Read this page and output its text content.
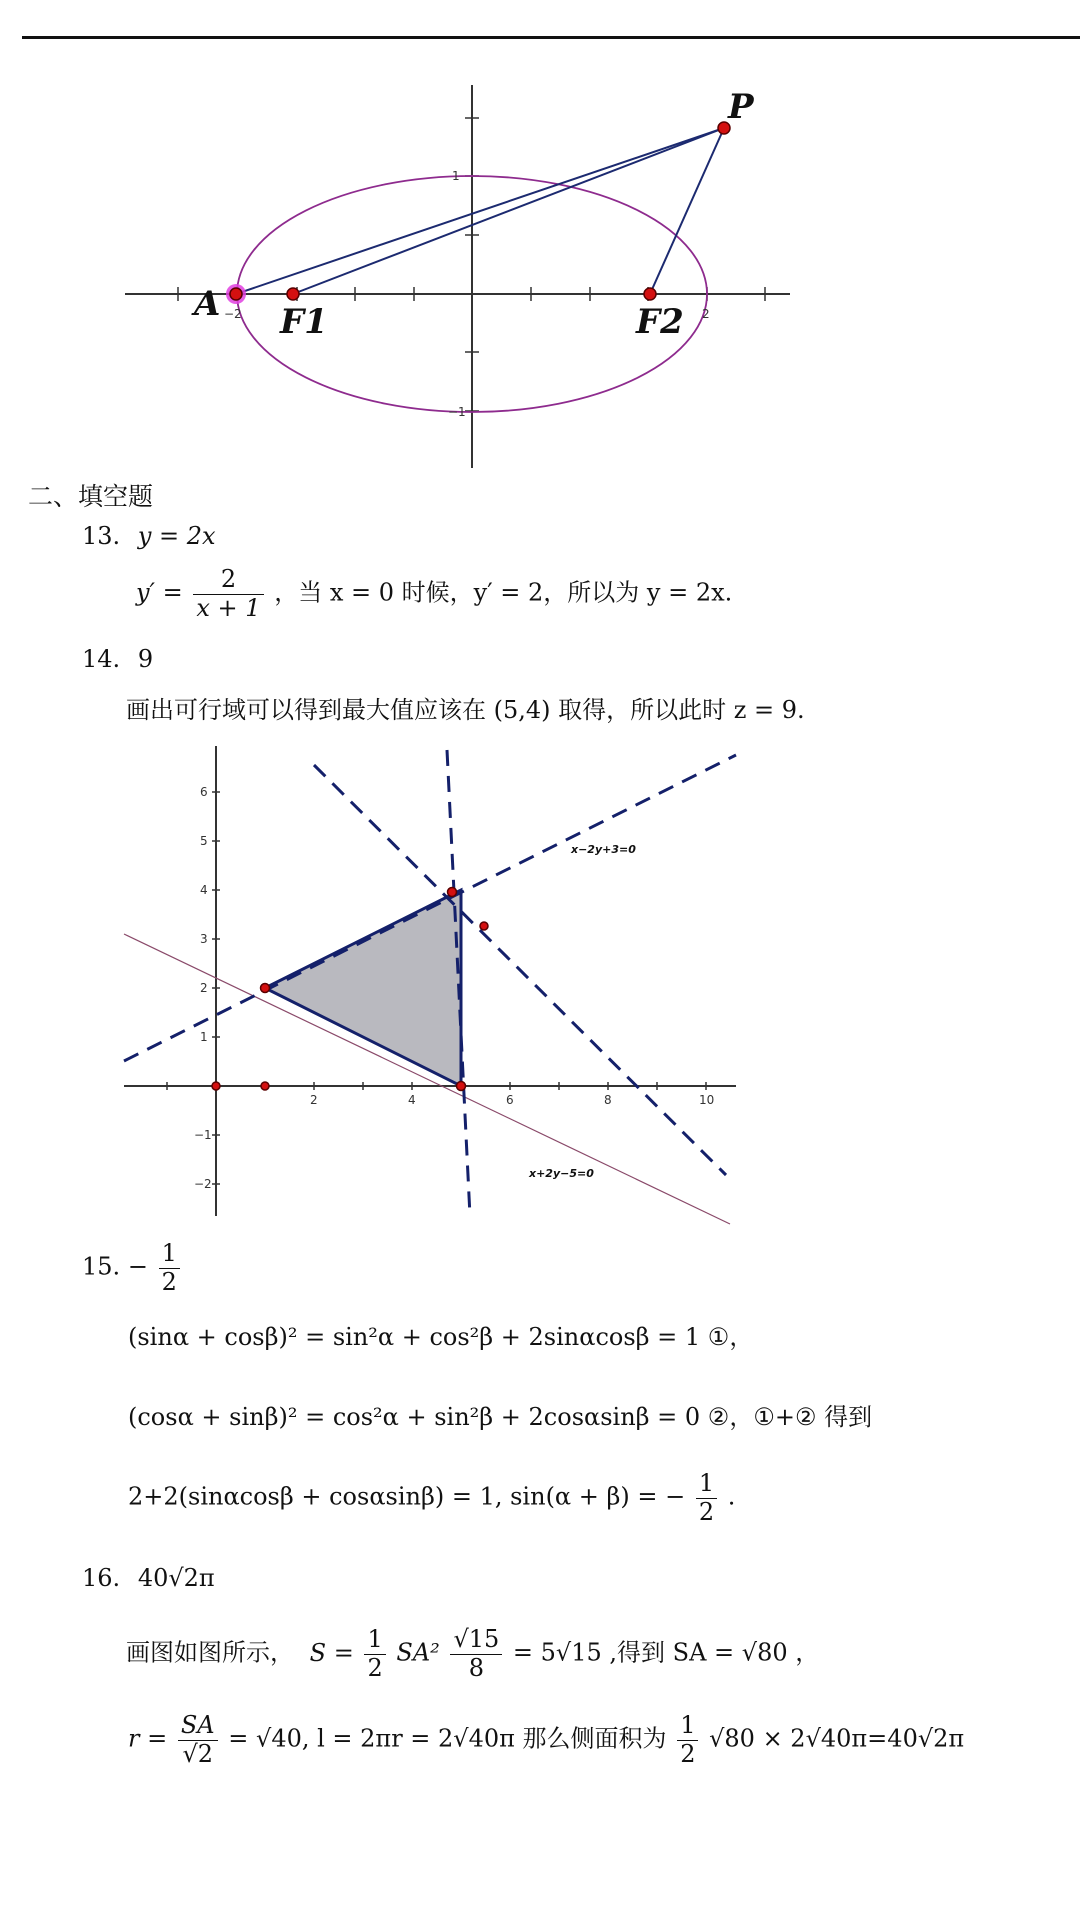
A F1	F2
P
−2	2
1
−1
二、填空题
13. y = 2x
$y' = \frac{2}{x + 1}$ ，当 x = 0 时候，y′ = 2，所以为 y = 2x.
14. 9
画出可行域可以得到最大值应该在 (5,4) 取得，所以此时 z = 9.
2	4	6	8	10
6
5
4
3
2
1
−1
−2
x−2y+3=0
x+2y−5=0
15. − $\frac{1}{2}$
(sinα + cosβ)² = sin²α + cos²β + 2sinαcosβ = 1 ①，
(cosα + sinβ)² = cos²α + sin²β + 2cosαsinβ = 0 ②，①+② 得到
2+2(sinαcosβ + cosαsinβ) = 1, sin(α + β) = − $\frac{1}{2}$ .
16. 40√2π
画图如图所示， $S = \frac{1}{2} SA^2 \frac{√15}{8} = 5√15$ ,得到 SA = √80 ，
$r = \frac{SA}{√2} = √40$, l = 2πr = 2√40π 那么侧面积为 $\frac{1}{2} √80 \times 2√40\pi=40√2\pi$
